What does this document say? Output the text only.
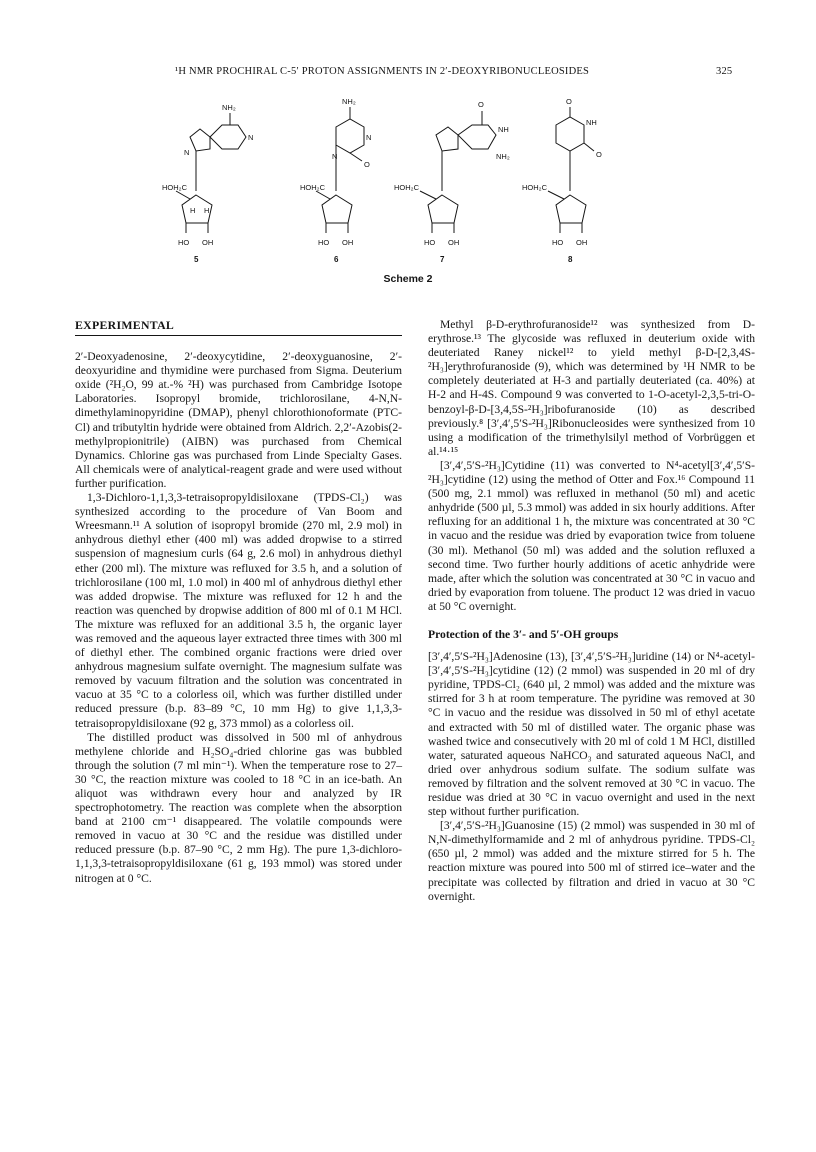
¹H NMR PROCHIRAL C-5′ PROTON ASSIGNMENTS IN 2′-DEOXYRIBONUCLEOSIDES	325
NH₂
N
N
HOH₂C
HO OH
H H
NH₂
N
N
O
HOH₂C
HO OH
O
NH
NH₂
HOH₂C
HO OH
O
NH
O
HOH₂C
HO OH
5	6	7	8
Scheme 2
EXPERIMENTAL

2′-Deoxyadenosine, 2′-deoxycytidine, 2′-deoxyguanosine, 2′-deoxyuridine and thymidine were purchased from Sigma. Deuterium oxide (²H₂O, 99 at.-% ²H) was purchased from Cambridge Isotope Laboratories. Isopropyl bromide, trichlorosilane, 4-N,N-dimethylaminopyridine (DMAP), phenyl chlorothionoformate (PTC-Cl) and tributyltin hydride were obtained from Aldrich. 2,2′-Azobis(2-methylpropionitrile) (AIBN) was purchased from Chemical Dynamics. Chlorine gas was purchased from Linde Specialty Gases. All chemicals were of analytical-reagent grade and were used without further purification.

1,3-Dichloro-1,1,3,3-tetraisopropyldisiloxane (TPDS-Cl₂) was synthesized according to the procedure of Van Boom and Wreesmann.¹¹ A solution of isopropyl bromide (270 ml, 2.9 mol) in anhydrous diethyl ether (400 ml) was added dropwise to a stirred suspension of magnesium curls (64 g, 2.6 mol) in anhydrous diethyl ether (200 ml). The mixture was refluxed for 3.5 h, and a solution of trichlorosilane (100 ml, 1.0 mol) in 400 ml of anhydrous diethyl ether was added dropwise. The mixture was refluxed for 12 h and the reaction was quenched by dropwise addition of 800 ml of 0.1 M HCl. The mixture was refluxed for an additional 3.5 h, the organic layer was removed and the aqueous layer extracted three times with 300 ml of diethyl ether. The combined organic fractions were dried over anhydrous magnesium sulfate overnight. The magnesium sulfate was removed by vacuum filtration and the solution was concentrated in vacuo at 35 °C to a colorless oil, which was further distilled under reduced pressure (b.p. 83–89 °C, 10 mm Hg) to give 1,1,3,3-tetraisopropyldisiloxane (92 g, 373 mmol) as a colorless oil.

The distilled product was dissolved in 500 ml of anhydrous methylene chloride and H₂SO₄-dried chlorine gas was bubbled through the solution (7 ml min⁻¹). When the temperature rose to 27–30 °C, the reaction mixture was cooled to 18 °C in an ice-bath. An aliquot was withdrawn every hour and analyzed by IR spectrophotometry. The reaction was complete when the absorption band at 2100 cm⁻¹ disappeared. The volatile compounds were removed in vacuo at 30 °C and the residue was distilled under reduced pressure (b.p. 87–90 °C, 2 mm Hg). The pure 1,3-dichloro-1,1,3,3-tetraisopropyldisiloxane (61 g, 193 mmol) was stored under nitrogen at 0 °C.

Methyl β-D-erythrofuranoside¹² was synthesized from D-erythrose.¹³ The glycoside was refluxed in deuterium oxide with deuteriated Raney nickel¹² to yield methyl β-D-[2,3,4S-²H₃]erythrofuranoside (9), which was determined by ¹H NMR to be completely deuteriated at H-3 and partially deuteriated (ca. 40%) at H-2 and H-4S. Compound 9 was converted to 1-O-acetyl-2,3,5-tri-O-benzoyl-β-D-[3,4,5S-²H₃]ribofuranoside (10) as described previously.⁸ [3′,4′,5′S-²H₃]Ribonucleosides were synthesized from 10 using a modification of the trimethylsilyl method of Vorbrüggen et al.¹⁴·¹⁵

[3′,4′,5′S-²H₃]Cytidine (11) was converted to N⁴-acetyl[3′,4′,5′S-²H₃]cytidine (12) using the method of Otter and Fox.¹⁶ Compound 11 (500 mg, 2.1 mmol) was refluxed in methanol (50 ml) and acetic anhydride (500 µl, 5.3 mmol) was added in six hourly additions. After refluxing for an additional 1 h, the mixture was concentrated at 30 °C in vacuo and the residue was dried by evaporation twice from toluene (30 ml). Methanol (50 ml) was added and the solution refluxed a second time. Two further hourly additions of acetic anhydride were made, after which the solution was concentrated at 30 °C in vacuo and dried by evaporation from toluene. The product 12 was dried in vacuo at 50 °C overnight.

Protection of the 3′- and 5′-OH groups

[3′,4′,5′S-²H₃]Adenosine (13), [3′,4′,5′S-²H₃]uridine (14) or N⁴-acetyl-[3′,4′,5′S-²H₃]cytidine (12) (2 mmol) was suspended in 20 ml of dry pyridine, TPDS-Cl₂ (640 µl, 2 mmol) was added and the mixture was stirred for 3 h at room temperature. The pyridine was removed at 30 °C in vacuo and the residue was dissolved in 50 ml of ethyl acetate and extracted with 50 ml of distilled water. The organic phase was washed twice and consecutively with 20 ml of cold 1 M HCl, distilled water, saturated aqueous NaHCO₃ and saturated aqueous NaCl, and dried over anhydrous sodium sulfate. The sodium sulfate was removed by filtration and the solvent removed at 30 °C in vacuo. The residue was dried at 30 °C in vacuo overnight and used in the next step without further purification.

[3′,4′,5′S-²H₃]Guanosine (15) (2 mmol) was suspended in 30 ml of N,N-dimethylformamide and 2 ml of anhydrous pyridine. TPDS-Cl₂ (650 µl, 2 mmol) was added and the mixture stirred for 5 h. The reaction mixture was poured into 500 ml of stirred ice–water and the precipitate was collected by filtration and dried in vacuo at 30 °C overnight.
